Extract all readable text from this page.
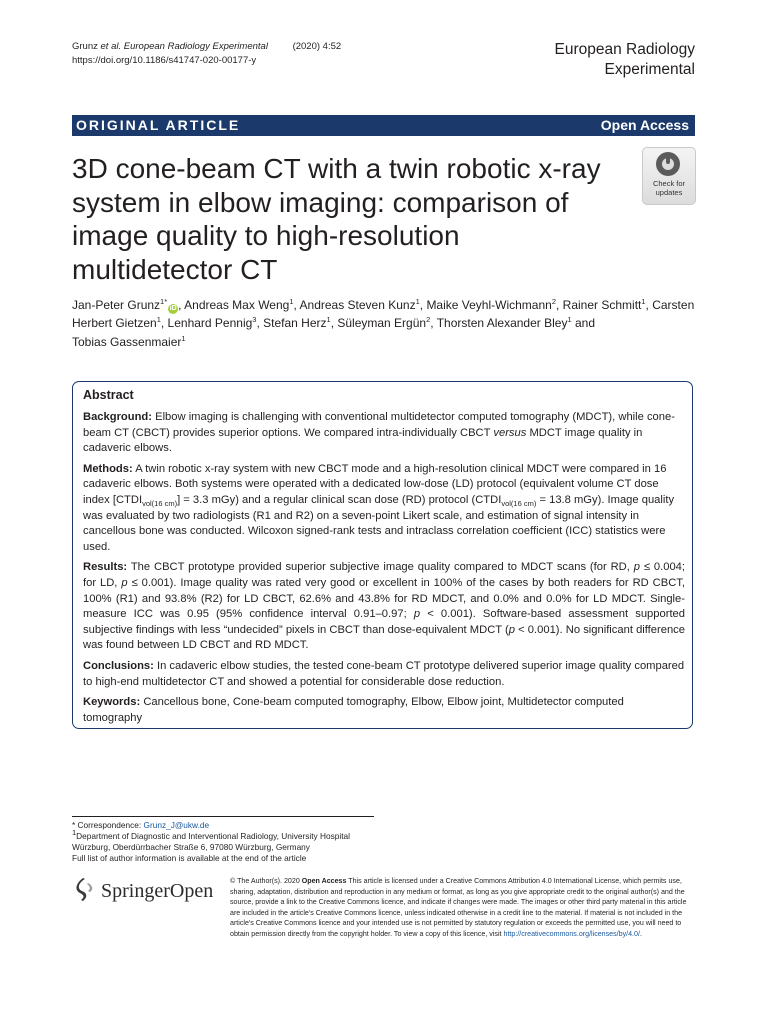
Grunz et al. European Radiology Experimental	(2020) 4:52
https://doi.org/10.1186/s41747-020-00177-y
European Radiology
Experimental
ORIGINAL ARTICLE	Open Access
3D cone-beam CT with a twin robotic x-ray system in elbow imaging: comparison of image quality to high-resolution multidetector CT
Check for
updates
Jan-Peter Grunz$^{1*}$iD , Andreas Max Weng$^1$, Andreas Steven Kunz$^1$, Maike Veyhl-Wichmann$^2$, Rainer Schmitt$^1$, Carsten Herbert Gietzen$^1$, Lenhard Pennig$^3$, Stefan Herz$^1$, Süleyman Ergün$^2$, Thorsten Alexander Bley$^1$ and
Tobias Gassenmaier$^1$
Abstract

Background: Elbow imaging is challenging with conventional multidetector computed tomography (MDCT), while cone-beam CT (CBCT) provides superior options. We compared intra-individually CBCT versus MDCT image quality in cadaveric elbows.

Methods: A twin robotic x-ray system with new CBCT mode and a high-resolution clinical MDCT were compared in 16 cadaveric elbows. Both systems were operated with a dedicated low-dose (LD) protocol (equivalent volume CT dose index $[CTDI_{vol(16 cm)}] = 3.3$ mGy) and a regular clinical scan dose (RD) protocol ($CTDI_{vol(16 cm)} = 13.8$ mGy). Image quality was evaluated by two radiologists (R1 and R2) on a seven-point Likert scale, and estimation of signal intensity in cancellous bone was conducted. Wilcoxon signed-rank tests and intraclass correlation coefficient (ICC) statistics were used.

Results: The CBCT prototype provided superior subjective image quality compared to MDCT scans (for RD, p ≤ 0.004; for LD, p ≤ 0.001). Image quality was rated very good or excellent in 100% of the cases by both readers for RD CBCT, 100% (R1) and 93.8% (R2) for LD CBCT, 62.6% and 43.8% for RD MDCT, and 0.0% and 0.0% for LD MDCT. Single-measure ICC was 0.95 (95% confidence interval 0.91–0.97; p < 0.001). Software-based assessment supported subjective findings with less “undecided” pixels in CBCT than dose-equivalent MDCT (p < 0.001). No significant difference was found between LD CBCT and RD MDCT.

Conclusions: In cadaveric elbow studies, the tested cone-beam CT prototype delivered superior image quality compared to high-end multidetector CT and showed a potential for considerable dose reduction.

Keywords: Cancellous bone, Cone-beam computed tomography, Elbow, Elbow joint, Multidetector computed tomography

* Correspondence: Grunz_J@ukw.de
$^1$Department of Diagnostic and Interventional Radiology, University Hospital
Würzburg, Oberdürrbacher Straße 6, 97080 Würzburg, Germany
Full list of author information is available at the end of the article
SpringerOpen © The Author(s). 2020 Open Access This article is licensed under a Creative Commons Attribution 4.0 International License, which permits use, sharing, adaptation, distribution and reproduction in any medium or format, as long as you give appropriate credit to the original author(s) and the source, provide a link to the Creative Commons licence, and indicate if changes were made. The images or other third party material in this article are included in the article's Creative Commons licence, unless indicated otherwise in a credit line to the material. If material is not included in the article's Creative Commons licence and your intended use is not permitted by statutory regulation or exceeds the permitted use, you will need to obtain permission directly from the copyright holder. To view a copy of this licence, visit http://creativecommons.org/licenses/by/4.0/.
